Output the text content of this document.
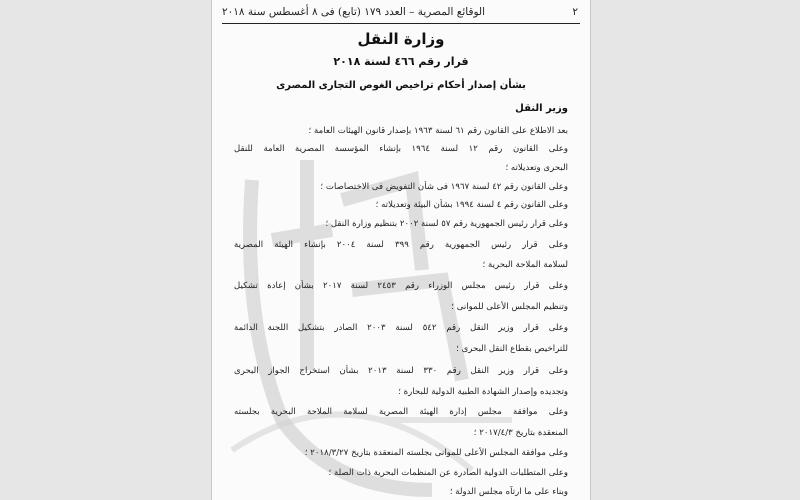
٢
الوقائع المصرية – العدد ١٧٩ (تابع) فى ٨ أغسطس سنة ٢٠١٨
وزارة النقل
قرار رقم ٤٦٦ لسنة ٢٠١٨
بشأن إصدار أحكام تراخيص الغوص التجارى المصرى
وزير النقل
بعد الاطلاع على القانون رقم ٦١ لسنة ١٩٦٣ بإصدار قانون الهيئات العامة ؛
وعلى القانون رقم ١٢ لسنة ١٩٦٤ بإنشاء المؤسسة المصرية العامة للنقل
البحرى وتعديلاته ؛
وعلى القانون رقم ٤٢ لسنة ١٩٦٧ فى شأن التفويض فى الاختصاصات ؛
وعلى القانون رقم ٤ لسنة ١٩٩٤ بشأن البيئة وتعديلاته ؛
وعلى قرار رئيس الجمهورية رقم ٥٧ لسنة ٢٠٠٢ بتنظيم وزارة النقل ؛
وعلى قرار رئيس الجمهورية رقم ٣٩٩ لسنة ٢٠٠٤ بإنشاء الهيئة المصرية
لسلامة الملاحة البحرية ؛
وعلى قرار رئيس مجلس الوزراء رقم ٢٤٥٣ لسنة ٢٠١٧ بشأن إعادة تشكيل
وتنظيم المجلس الأعلى للموانى ؛
وعلى قرار وزير النقل رقم ٥٤٢ لسنة ٢٠٠٣ الصادر بتشكيل اللجنة الدائمة
للتراخيص بقطاع النقل البحرى ؛
وعلى قرار وزير النقل رقم ٣٣٠ لسنة ٢٠١٣ بشأن استخراج الجواز البحرى
وتجديده وإصدار الشهادة الطبية الدولية للبحارة ؛
وعلى موافقة مجلس إدارة الهيئة المصرية لسلامة الملاحة البحرية بجلسته
المنعقدة بتاريخ ٢٠١٧/٤/٣ ؛
وعلى موافقة المجلس الأعلى للموانى بجلسته المنعقدة بتاريخ ٢٠١٨/٣/٢٧ ؛
وعلى المتطلبات الدولية الصادرة عن المنظمات البحرية ذات الصلة ؛
وبناء على ما ارتآه مجلس الدولة ؛
